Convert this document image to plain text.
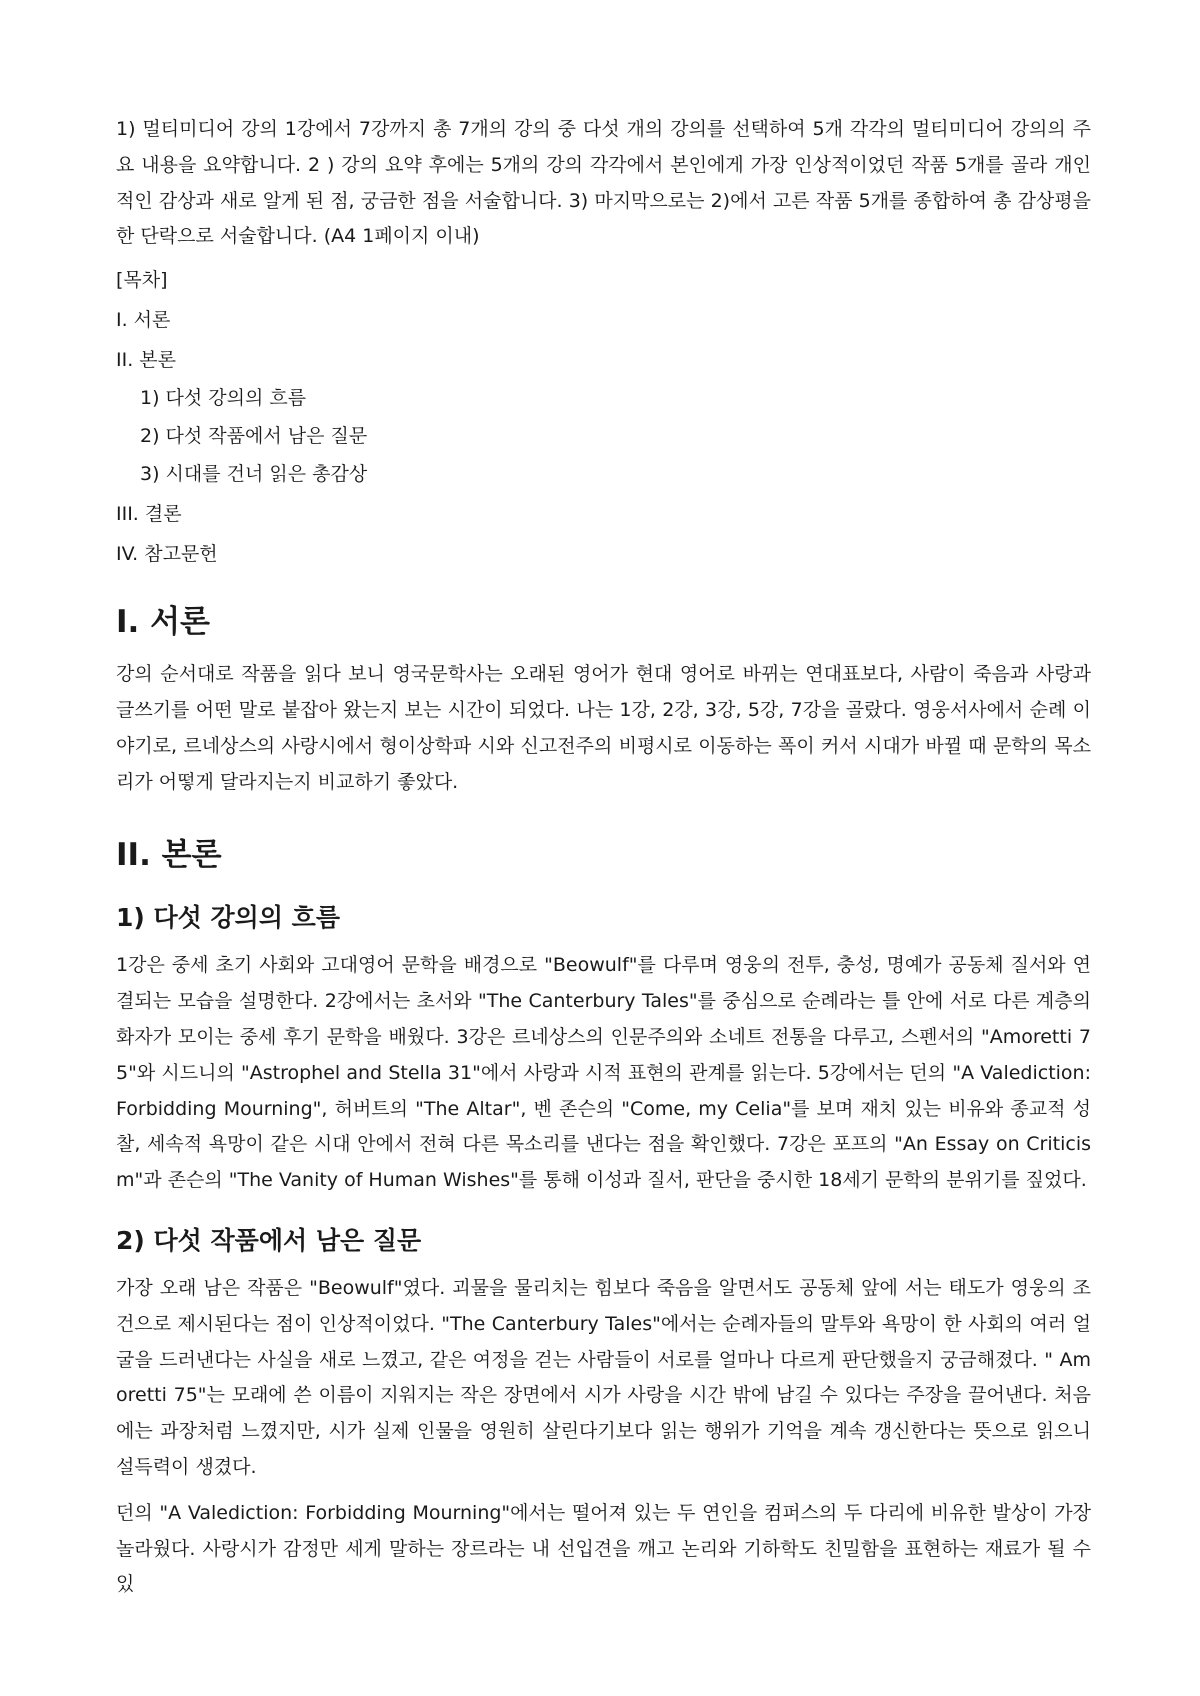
1) 멀티미디어 강의 1강에서 7강까지 총 7개의 강의 중 다섯 개의 강의를 선택하여 5개 각각의 멀티미디어 강의의 주요 내용을 요약합니다. 2 ) 강의 요약 후에는 5개의 강의 각각에서 본인에게 가장 인상적이었던 작품 5개를 골라 개인적인 감상과 새로 알게 된 점, 궁금한 점을 서술합니다. 3) 마지막으로는 2)에서 고른 작품 5개를 종합하여 총 감상평을 한 단락으로 서술합니다. (A4 1페이지 이내)

[목차]
I. 서론
II. 본론
1) 다섯 강의의 흐름
2) 다섯 작품에서 남은 질문
3) 시대를 건너 읽은 총감상
III. 결론
IV. 참고문헌
I. 서론

강의 순서대로 작품을 읽다 보니 영국문학사는 오래된 영어가 현대 영어로 바뀌는 연대표보다, 사람이 죽음과 사랑과 글쓰기를 어떤 말로 붙잡아 왔는지 보는 시간이 되었다. 나는 1강, 2강, 3강, 5강, 7강을 골랐다. 영웅서사에서 순례 이야기로, 르네상스의 사랑시에서 형이상학파 시와 신고전주의 비평시로 이동하는 폭이 커서 시대가 바뀔 때 문학의 목소리가 어떻게 달라지는지 비교하기 좋았다.

II. 본론
1) 다섯 강의의 흐름

1강은 중세 초기 사회와 고대영어 문학을 배경으로 "Beowulf"를 다루며 영웅의 전투, 충성, 명예가 공동체 질서와 연결되는 모습을 설명한다. 2강에서는 초서와 "The Canterbury Tales"를 중심으로 순례라는 틀 안에 서로 다른 계층의 화자가 모이는 중세 후기 문학을 배웠다. 3강은 르네상스의 인문주의와 소네트 전통을 다루고, 스펜서의 "Amoretti 75"와 시드니의 "Astrophel and Stella 31"에서 사랑과 시적 표현의 관계를 읽는다. 5강에서는 던의 "A Valediction: Forbidding Mourning", 허버트의 "The Altar", 벤 존슨의 "Come, my Celia"를 보며 재치 있는 비유와 종교적 성찰, 세속적 욕망이 같은 시대 안에서 전혀 다른 목소리를 낸다는 점을 확인했다. 7강은 포프의 "An Essay on Criticism"과 존슨의 "The Vanity of Human Wishes"를 통해 이성과 질서, 판단을 중시한 18세기 문학의 분위기를 짚었다.

2) 다섯 작품에서 남은 질문

가장 오래 남은 작품은 "Beowulf"였다. 괴물을 물리치는 힘보다 죽음을 알면서도 공동체 앞에 서는 태도가 영웅의 조건으로 제시된다는 점이 인상적이었다. "The Canterbury Tales"에서는 순례자들의 말투와 욕망이 한 사회의 여러 얼굴을 드러낸다는 사실을 새로 느꼈고, 같은 여정을 걷는 사람들이 서로를 얼마나 다르게 판단했을지 궁금해졌다. " Amoretti 75"는 모래에 쓴 이름이 지워지는 작은 장면에서 시가 사랑을 시간 밖에 남길 수 있다는 주장을 끌어낸다. 처음에는 과장처럼 느꼈지만, 시가 실제 인물을 영원히 살린다기보다 읽는 행위가 기억을 계속 갱신한다는 뜻으로 읽으니 설득력이 생겼다.

던의 "A Valediction: Forbidding Mourning"에서는 떨어져 있는 두 연인을 컴퍼스의 두 다리에 비유한 발상이 가장 놀라웠다. 사랑시가 감정만 세게 말하는 장르라는 내 선입견을 깨고 논리와 기하학도 친밀함을 표현하는 재료가 될 수 있
